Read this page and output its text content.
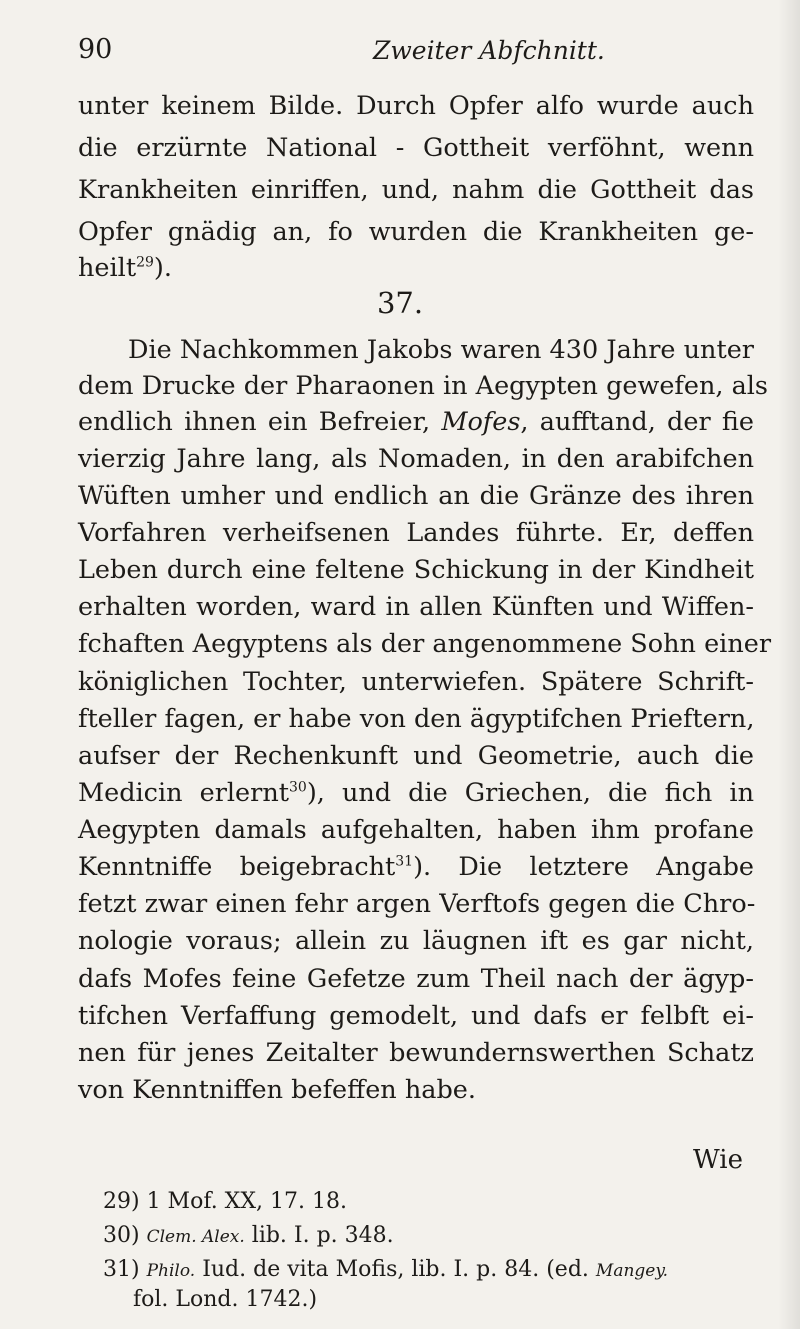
90	Zweiter Abfchnitt.
unter keinem Bilde. Durch Opfer alfo wurde auch
die erzürnte National - Gottheit verföhnt, wenn
Krankheiten einriffen, und, nahm die Gottheit das
Opfer gnädig an, fo wurden die Krankheiten ge-
heilt$^{29}$).
37.
Die Nachkommen Jakobs waren 430 Jahre unter
dem Drucke der Pharaonen in Aegypten gewefen, als
endlich ihnen ein Befreier, Mofes, aufftand, der fie
vierzig Jahre lang, als Nomaden, in den arabifchen
Wüften umher und endlich an die Gränze des ihren
Vorfahren verheifsenen Landes führte. Er, deffen
Leben durch eine feltene Schickung in der Kindheit
erhalten worden, ward in allen Künften und Wiffen-
fchaften Aegyptens als der angenommene Sohn einer
königlichen Tochter, unterwiefen. Spätere Schrift-
fteller fagen, er habe von den ägyptifchen Prieftern,
aufser der Rechenkunft und Geometrie, auch die
Medicin erlernt$^{30}$), und die Griechen, die fich in
Aegypten damals aufgehalten, haben ihm profane
Kenntniffe beigebracht$^{31}$). Die letztere Angabe
fetzt zwar einen fehr argen Verftofs gegen die Chro-
nologie voraus; allein zu läugnen ift es gar nicht,
dafs Mofes feine Gefetze zum Theil nach der ägyp-
tifchen Verfaffung gemodelt, und dafs er felbft ei-
nen für jenes Zeitalter bewundernswerthen Schatz
von Kenntniffen befeffen habe.
Wie
29) 1 Mof. XX, 17. 18.
30) Clem. Alex. lib. I. p. 348.
31) Philo. Iud. de vita Mofis, lib. I. p. 84. (ed. Mangey.
fol. Lond. 1742.)
